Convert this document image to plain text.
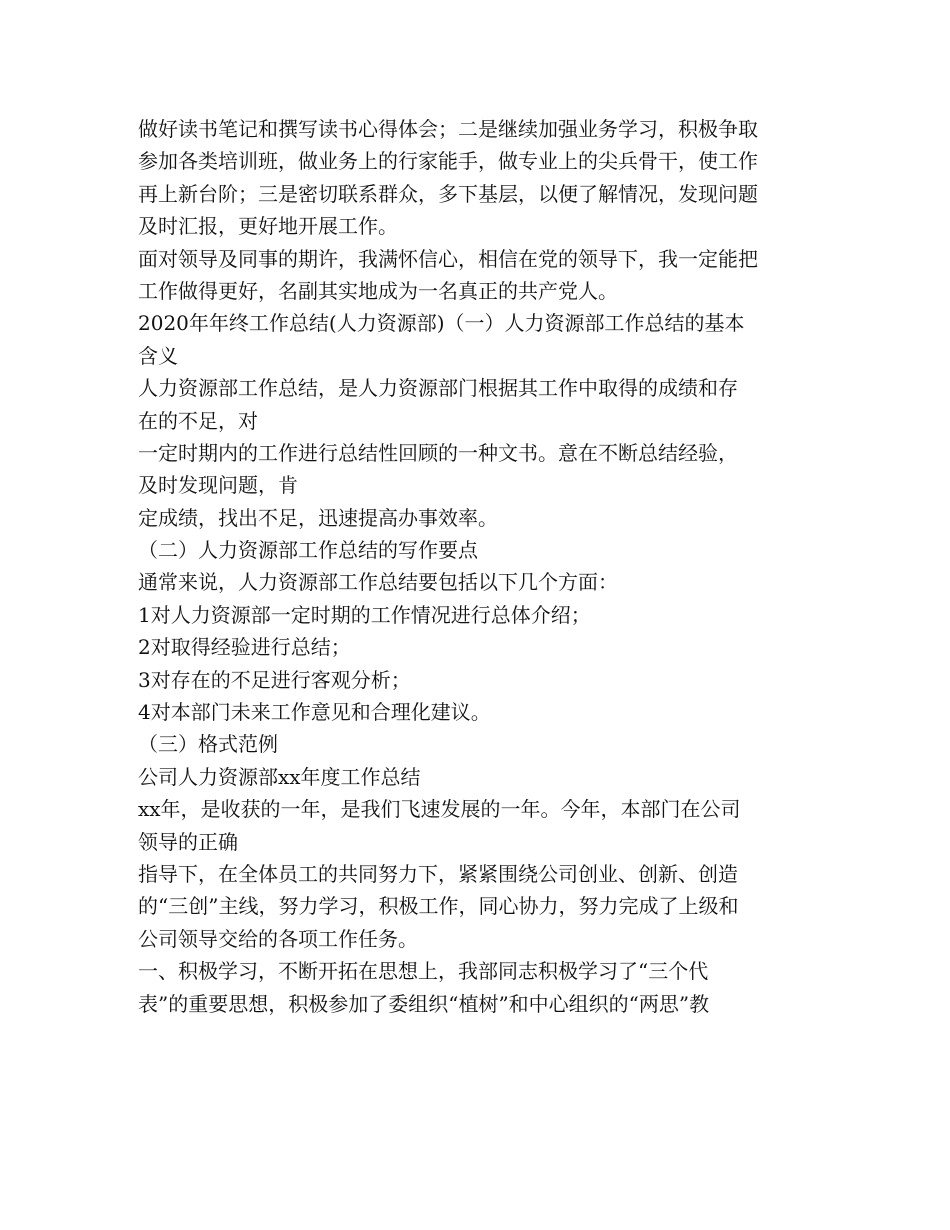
做好读书笔记和撰写读书心得体会；二是继续加强业务学习，积极争取
参加各类培训班，做业务上的行家能手，做专业上的尖兵骨干，使工作
再上新台阶；三是密切联系群众，多下基层，以便了解情况，发现问题
及时汇报，更好地开展工作。
面对领导及同事的期许，我满怀信心，相信在党的领导下，我一定能把
工作做得更好，名副其实地成为一名真正的共产党人。
2020年年终工作总结(人力资源部)（一）人力资源部工作总结的基本
含义
人力资源部工作总结，是人力资源部门根据其工作中取得的成绩和存
在的不足，对
一定时期内的工作进行总结性回顾的一种文书。意在不断总结经验，
及时发现问题，肯
定成绩，找出不足，迅速提高办事效率。
（二）人力资源部工作总结的写作要点
通常来说，人力资源部工作总结要包括以下几个方面：
1对人力资源部一定时期的工作情况进行总体介绍；
2对取得经验进行总结；
3对存在的不足进行客观分析；
4对本部门未来工作意见和合理化建议。
（三）格式范例
公司人力资源部xx年度工作总结
xx年，是收获的一年，是我们飞速发展的一年。今年，本部门在公司
领导的正确
指导下，在全体员工的共同努力下，紧紧围绕公司创业、创新、创造
的“三创”主线，努力学习，积极工作，同心协力，努力完成了上级和
公司领导交给的各项工作任务。
一、积极学习，不断开拓在思想上，我部同志积极学习了“三个代
表”的重要思想，积极参加了委组织“植树”和中心组织的“两思”教
